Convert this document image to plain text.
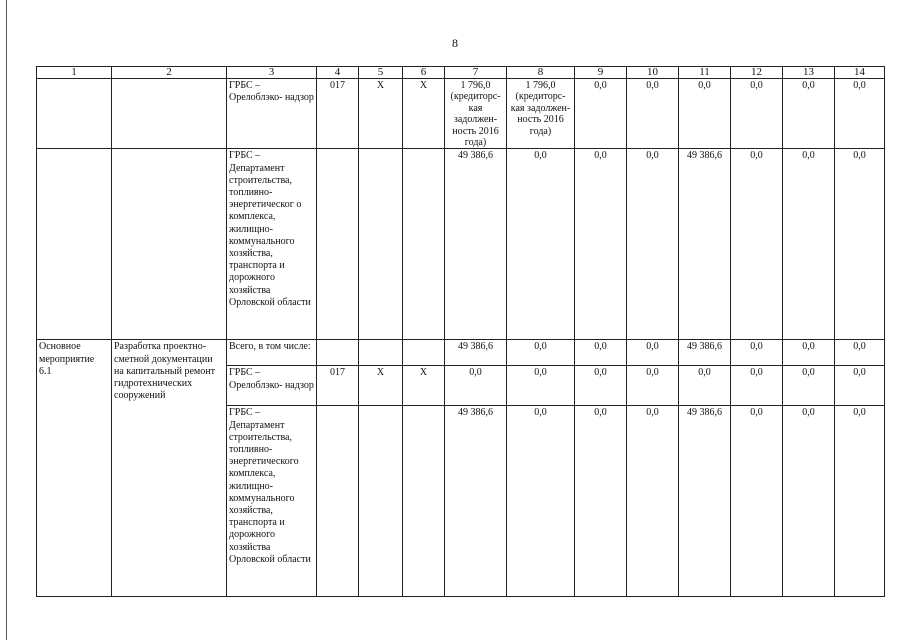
8
1	2	3	4	5	6	7	8	9	10	11	12	13	14
		ГРБС – Орелоблэко- надзор	017	Х	Х	1 796,0 (кредиторс- кая задолжен- ность 2016 года)	1 796,0 (кредиторс- кая задолжен- ность 2016 года)	0,0	0,0	0,0	0,0	0,0	0,0
		ГРБС – Департамент строительства, топливно- энергетическог о комплекса, жилищно- коммунального хозяйства, транспорта и дорожного хозяйства Орловской области				49 386,6	0,0	0,0	0,0	49 386,6	0,0	0,0	0,0
Основное мероприятие 6.1	Разработка проектно- сметной документации на капитальный ремонт гидротехнических сооружений	Всего, в том числе:				49 386,6	0,0	0,0	0,0	49 386,6	0,0	0,0	0,0
		ГРБС – Орелоблэко- надзор	017	Х	Х	0,0	0,0	0,0	0,0	0,0	0,0	0,0	0,0
		ГРБС – Департамент строительства, топливно- энергетического комплекса, жилищно- коммунального хозяйства, транспорта и дорожного хозяйства Орловской области				49 386,6	0,0	0,0	0,0	49 386,6	0,0	0,0	0,0
